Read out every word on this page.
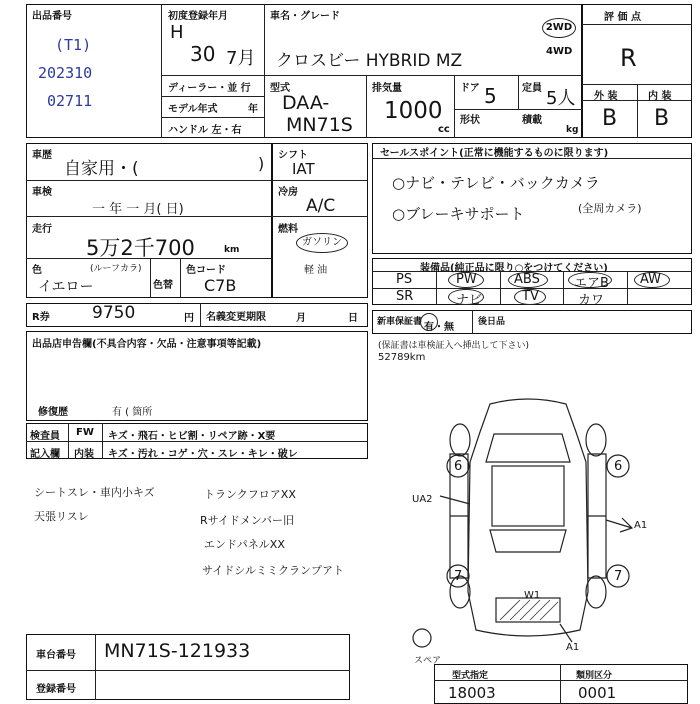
出品番号
(T1)
202310
02711
初度登録年月
H
30 7月
車名・グレード
クロスビー HYBRID MZ
2WD
4WD
ディーラー・並 行
モデル年式	年
ハンドル 左・右
型式
DAA-
MN71S
排気量
1000
cc
ドア 5	定員 5人
形状	積載
kg
評 価 点
R
外 装	内 装
B B
車歴
自家用・(	)
車検
一 年 一 月( 日)
走行
5万2千700	km
色	(ルーフカラ)
イエロー	色替
色コード
C7B
シフト
IAT
冷房
A/C
燃料
ガソリン
軽 油
R券 9750	円 名義変更期限	月	日
セールスポイント(正常に機能するものに限ります)
○ナビ・テレビ・バックカメラ
○ブレーキサポート	(全周カメラ)
装備品(純正品に限り○をつけてください)
PS	PW	ABS	エアB AW
SR	ナビ	TV	カワ
新車保証書 有・無	後日品
(保証書は車検証入へ挿出して下さい)
52789km
出品店申告欄(不具合内容・欠品・注意事項等記載)
修復歴	有 ( 箇所
検査員
記入欄
FW キズ・飛石・ヒビ割・リペア跡・X要
内装 キズ・汚れ・コゲ・穴・スレ・キレ・破レ
シートスレ・車内小キズ
天張リスレ
トランクフロアXX
Rサイドメンバー旧
エンドパネルXX
サイドシルミミクランプアト
6	6
7	7
UA2
A1
W1
A1
スペア
車台番号 MN71S-121933
登録番号
型式指定
18003
類別区分
0001
